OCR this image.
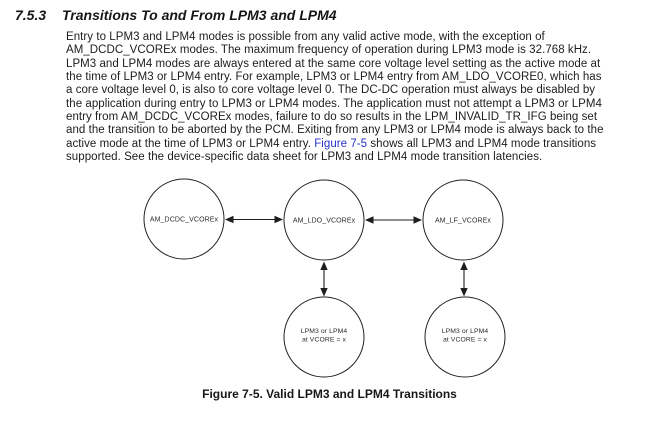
7.5.3 Transitions To and From LPM3 and LPM4
Entry to LPM3 and LPM4 modes is possible from any valid active mode, with the exception of
AM_DCDC_VCOREx modes. The maximum frequency of operation during LPM3 mode is 32.768 kHz.
LPM3 and LPM4 modes are always entered at the same core voltage level setting as the active mode at
the time of LPM3 or LPM4 entry. For example, LPM3 or LPM4 entry from AM_LDO_VCORE0, which has
a core voltage level 0, is also to core voltage level 0. The DC-DC operation must always be disabled by
the application during entry to LPM3 or LPM4 modes. The application must not attempt a LPM3 or LPM4
entry from AM_DCDC_VCOREx modes, failure to do so results in the LPM_INVALID_TR_IFG being set
and the transition to be aborted by the PCM. Exiting from any LPM3 or LPM4 mode is always back to the
active mode at the time of LPM3 or LPM4 entry. Figure 7-5 shows all LPM3 and LPM4 mode transitions
supported. See the device-specific data sheet for LPM3 and LPM4 mode transition latencies.
AM_DCDC_VCOREx	AM_LDO_VCOREx	AM_LF_VCOREx
LPM3 or LPM4
at VCORE = x
LPM3 or LPM4
at VCORE = x
Figure 7-5. Valid LPM3 and LPM4 Transitions
